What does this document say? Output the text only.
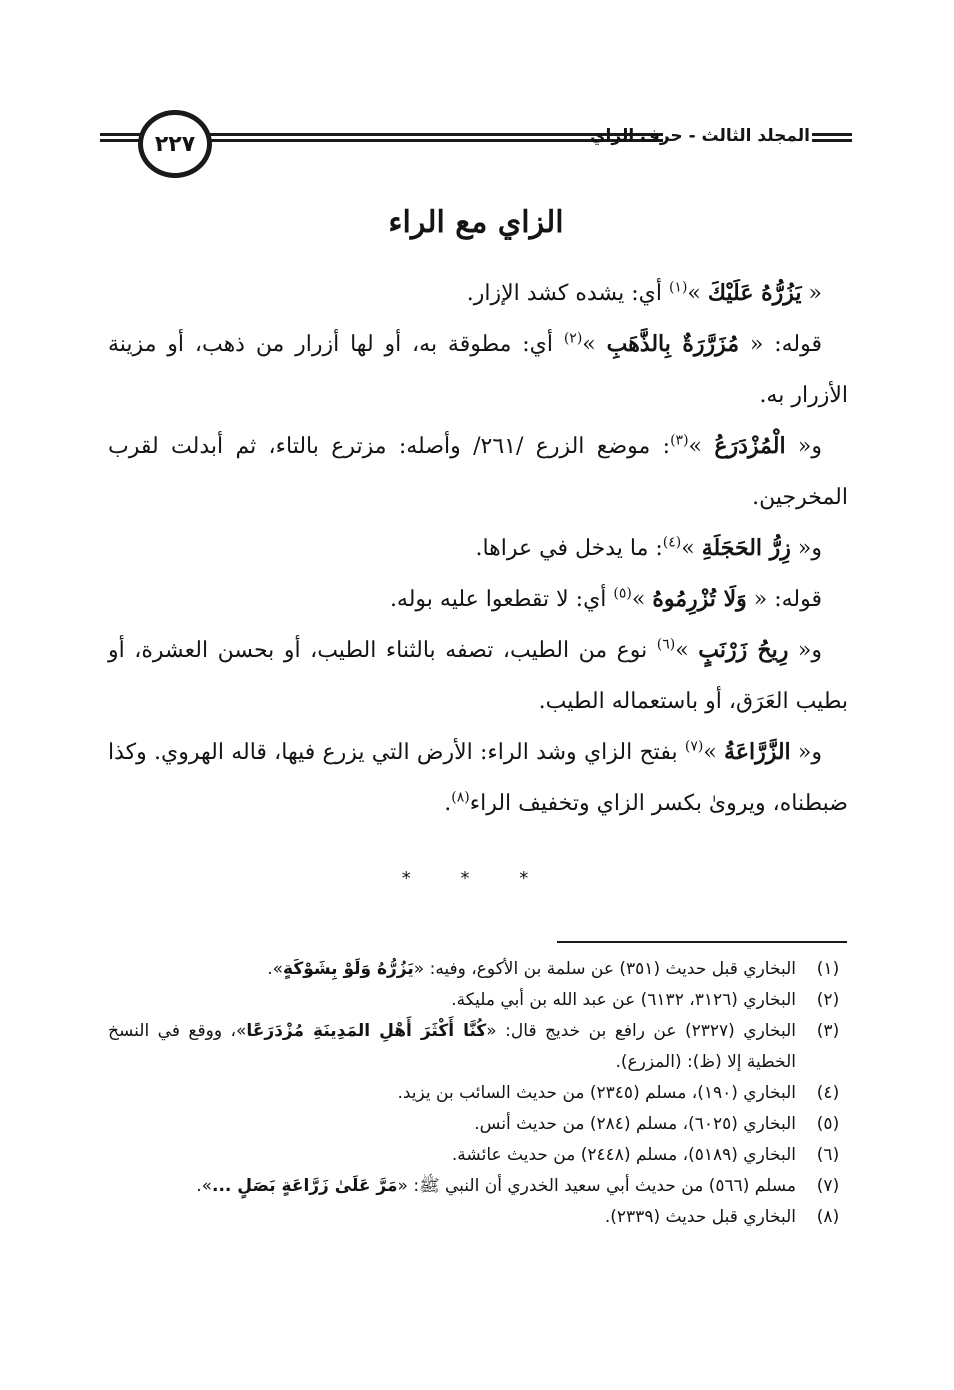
٢٢٧	المجلد الثالث - حرف الزاي
الزاي مع الراء

« يَزُرُّهُ عَلَيْكَ »$^{(١)}$ أي: يشده كشد الإزار.

قوله: « مُزَرَّرَةٌ بِالذَّهَبِ »$^{(٢)}$ أي: مطوقة به، أو لها أزرار من ذهب، أو مزينة الأزرار به.

و« الْمُزْدَرَعُ »$^{(٣)}$: موضع الزرع /٢٦١/ وأصله: مزترع بالتاء، ثم أبدلت لقرب المخرجين.

و« زِرُّ الحَجَلَةِ »$^{(٤)}$: ما يدخل في عراها.

قوله: « وَلَا تُزْرِمُوهُ »$^{(٥)}$ أي: لا تقطعوا عليه بوله.

و« رِيحُ زَرْنَبٍ »$^{(٦)}$ نوع من الطيب، تصفه بالثناء الطيب، أو بحسن العشرة، أو بطيب العَرَق، أو باستعماله الطيب.

و« الزَّرَّاعَةُ »$^{(٧)}$ بفتح الزاي وشد الراء: الأرض التي يزرع فيها، قاله الهروي. وكذا ضبطناه، ويروىٰ بكسر الزاي وتخفيف الراء$^{(٨)}$.

* * *
(١)
البخاري قبل حديث (٣٥١) عن سلمة بن الأكوع، وفيه: «يَزُرُّهُ وَلَوْ بِشَوْكَةٍ».
(٢)
البخاري (٣١٢٦، ٦١٣٢) عن عبد الله بن أبي مليكة.
(٣)
البخاري (٢٣٢٧) عن رافع بن خديج قال: «كُنَّا أَكْثَرَ أَهْلِ المَدِينَةِ مُزْدَرَعًا»، ووقع في النسخ الخطية إلا (ظ): (المزرع).
(٤)
البخاري (١٩٠)، مسلم (٢٣٤٥) من حديث السائب بن يزيد.
(٥)
البخاري (٦٠٢٥)، مسلم (٢٨٤) من حديث أنس.
(٦)
البخاري (٥١٨٩)، مسلم (٢٤٤٨) من حديث عائشة.
(٧)
مسلم (٥٦٦) من حديث أبي سعيد الخدري أن النبي ﷺ: «مَرَّ عَلَىٰ زَرَّاعَةٍ بَصَلٍ ...».
(٨)
البخاري قبل حديث (٢٣٣٩).
